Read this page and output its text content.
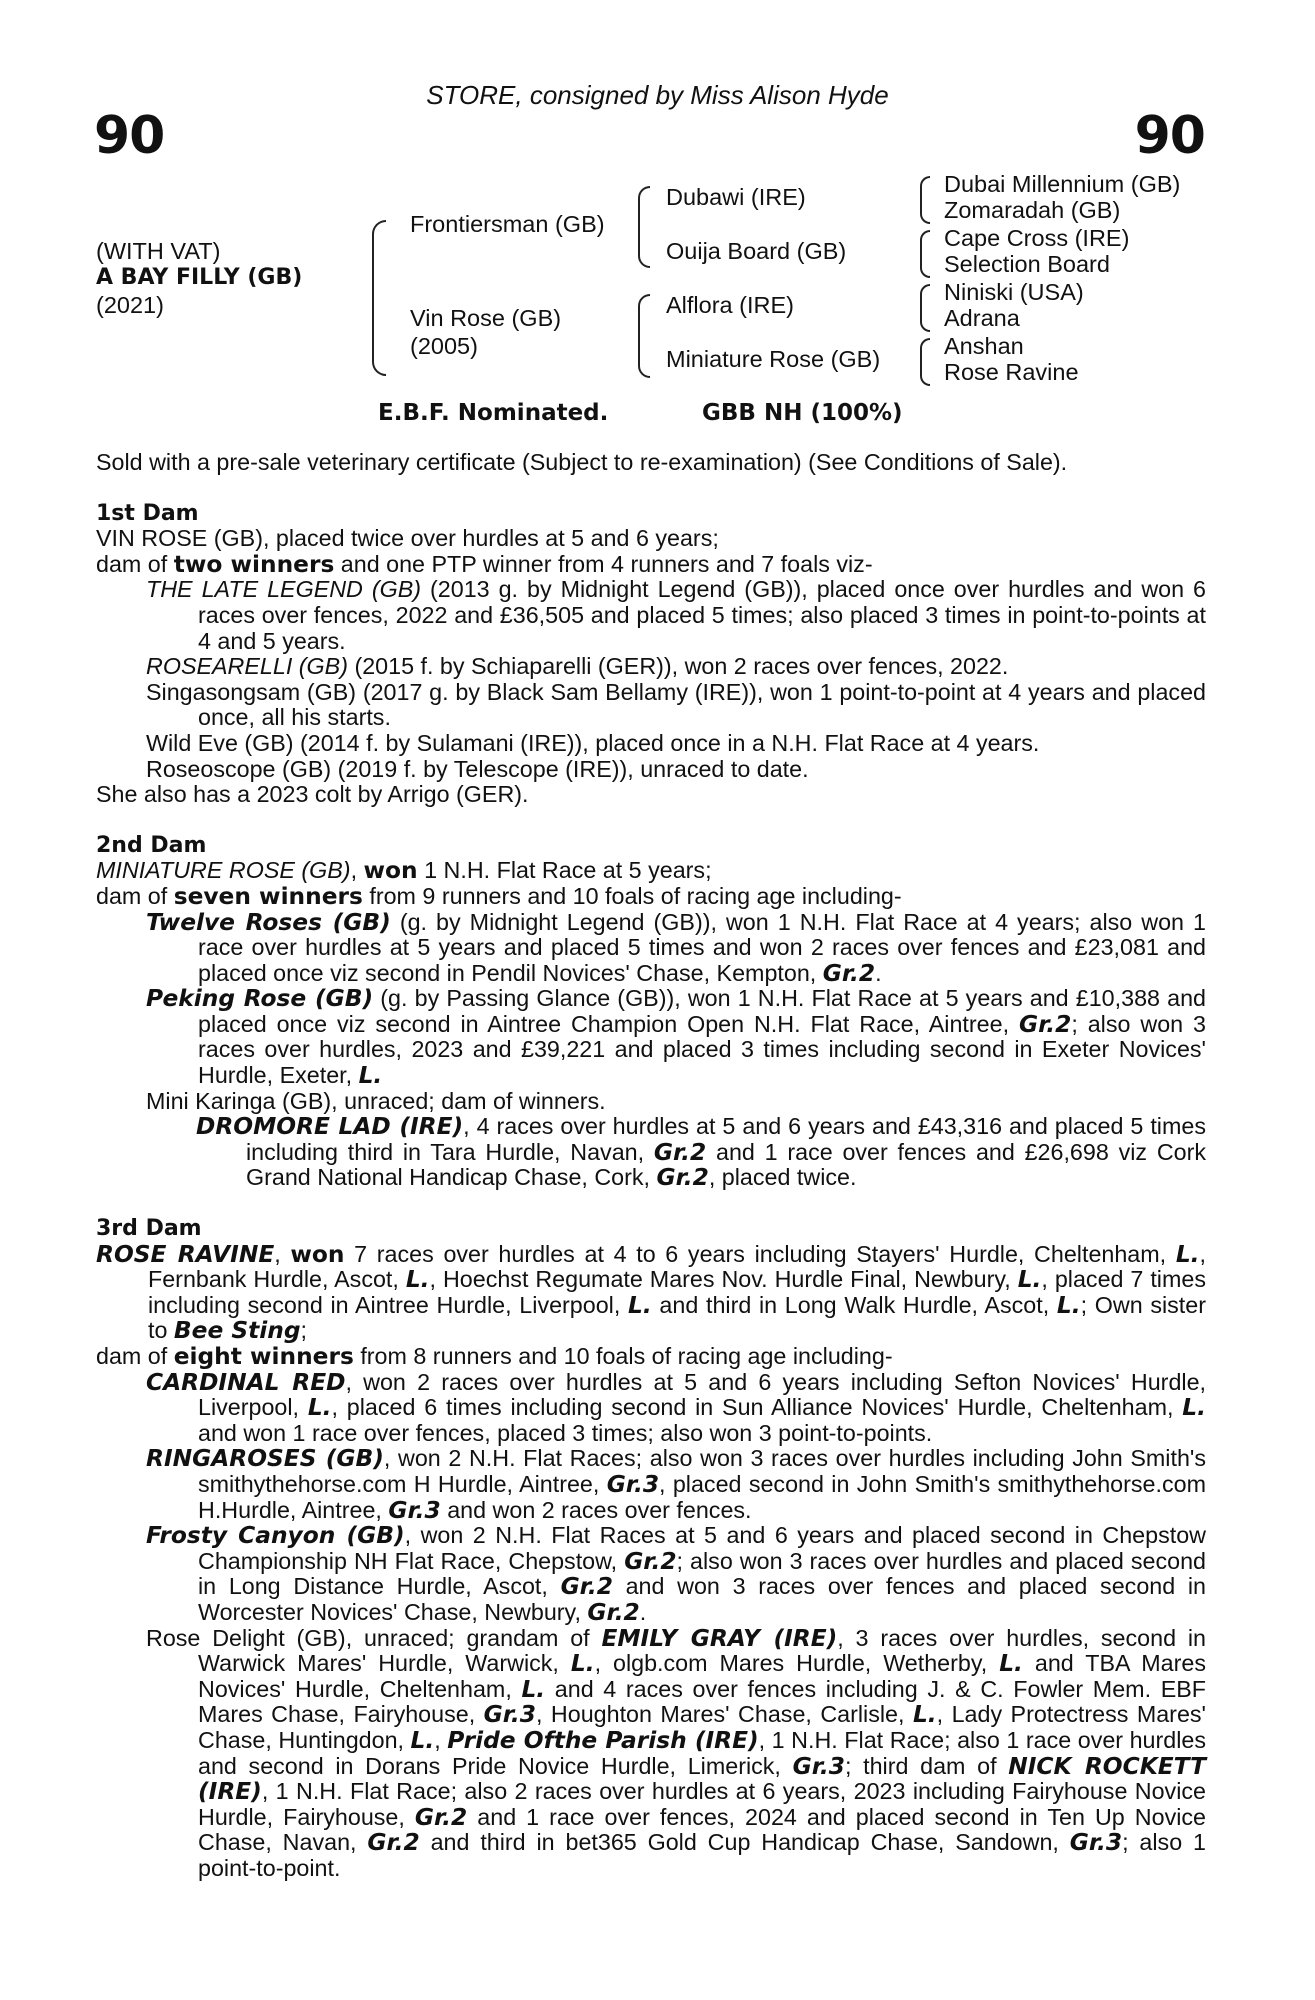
STORE, consigned by Miss Alison Hyde
90	90
(WITH VAT)
A BAY FILLY (GB)
(2021)
Frontiersman (GB)
Vin Rose (GB)
(2005)
Dubawi (IRE)
Ouija Board (GB)
Alflora (IRE)
Miniature Rose (GB)
Dubai Millennium (GB)
Zomaradah (GB)
Cape Cross (IRE)
Selection Board
Niniski (USA)
Adrana
Anshan
Rose Ravine
E.B.F. Nominated.	GBB NH (100%)

Sold with a pre-sale veterinary certificate (Subject to re-examination) (See Conditions of Sale).

1st Dam

VIN ROSE (GB), placed twice over hurdles at 5 and 6 years;

dam of two winners and one PTP winner from 4 runners and 7 foals viz-

THE LATE LEGEND (GB) (2013 g. by Midnight Legend (GB)), placed once over hurdles and won 6 races over fences, 2022 and £36,505 and placed 5 times; also placed 3 times in point-to-points at 4 and 5 years.

ROSEARELLI (GB) (2015 f. by Schiaparelli (GER)), won 2 races over fences, 2022.

Singasongsam (GB) (2017 g. by Black Sam Bellamy (IRE)), won 1 point-to-point at 4 years and placed once, all his starts.

Wild Eve (GB) (2014 f. by Sulamani (IRE)), placed once in a N.H. Flat Race at 4 years.

Roseoscope (GB) (2019 f. by Telescope (IRE)), unraced to date.

She also has a 2023 colt by Arrigo (GER).

2nd Dam

MINIATURE ROSE (GB), won 1 N.H. Flat Race at 5 years;

dam of seven winners from 9 runners and 10 foals of racing age including-

Twelve Roses (GB) (g. by Midnight Legend (GB)), won 1 N.H. Flat Race at 4 years; also won 1 race over hurdles at 5 years and placed 5 times and won 2 races over fences and £23,081 and placed once viz second in Pendil Novices' Chase, Kempton, Gr.2.

Peking Rose (GB) (g. by Passing Glance (GB)), won 1 N.H. Flat Race at 5 years and £10,388 and placed once viz second in Aintree Champion Open N.H. Flat Race, Aintree, Gr.2; also won 3 races over hurdles, 2023 and £39,221 and placed 3 times including second in Exeter Novices' Hurdle, Exeter, L.

Mini Karinga (GB), unraced; dam of winners.

DROMORE LAD (IRE), 4 races over hurdles at 5 and 6 years and £43,316 and placed 5 times including third in Tara Hurdle, Navan, Gr.2 and 1 race over fences and £26,698 viz Cork Grand National Handicap Chase, Cork, Gr.2, placed twice.

3rd Dam

ROSE RAVINE, won 7 races over hurdles at 4 to 6 years including Stayers' Hurdle, Cheltenham, L., Fernbank Hurdle, Ascot, L., Hoechst Regumate Mares Nov. Hurdle Final, Newbury, L., placed 7 times including second in Aintree Hurdle, Liverpool, L. and third in Long Walk Hurdle, Ascot, L.; Own sister to Bee Sting;

dam of eight winners from 8 runners and 10 foals of racing age including-

CARDINAL RED, won 2 races over hurdles at 5 and 6 years including Sefton Novices' Hurdle, Liverpool, L., placed 6 times including second in Sun Alliance Novices' Hurdle, Cheltenham, L. and won 1 race over fences, placed 3 times; also won 3 point-to-points.

RINGAROSES (GB), won 2 N.H. Flat Races; also won 3 races over hurdles including John Smith's smithythehorse.com H Hurdle, Aintree, Gr.3, placed second in John Smith's smithythehorse.com H.Hurdle, Aintree, Gr.3 and won 2 races over fences.

Frosty Canyon (GB), won 2 N.H. Flat Races at 5 and 6 years and placed second in Chepstow Championship NH Flat Race, Chepstow, Gr.2; also won 3 races over hurdles and placed second in Long Distance Hurdle, Ascot, Gr.2 and won 3 races over fences and placed second in Worcester Novices' Chase, Newbury, Gr.2.

Rose Delight (GB), unraced; grandam of EMILY GRAY (IRE), 3 races over hurdles, second in Warwick Mares' Hurdle, Warwick, L., olgb.com Mares Hurdle, Wetherby, L. and TBA Mares Novices' Hurdle, Cheltenham, L. and 4 races over fences including J. & C. Fowler Mem. EBF Mares Chase, Fairyhouse, Gr.3, Houghton Mares' Chase, Carlisle, L., Lady Protectress Mares' Chase, Huntingdon, L., Pride Ofthe Parish (IRE), 1 N.H. Flat Race; also 1 race over hurdles and second in Dorans Pride Novice Hurdle, Limerick, Gr.3; third dam of NICK ROCKETT (IRE), 1 N.H. Flat Race; also 2 races over hurdles at 6 years, 2023 including Fairyhouse Novice Hurdle, Fairyhouse, Gr.2 and 1 race over fences, 2024 and placed second in Ten Up Novice Chase, Navan, Gr.2 and third in bet365 Gold Cup Handicap Chase, Sandown, Gr.3; also 1 point-to-point.
